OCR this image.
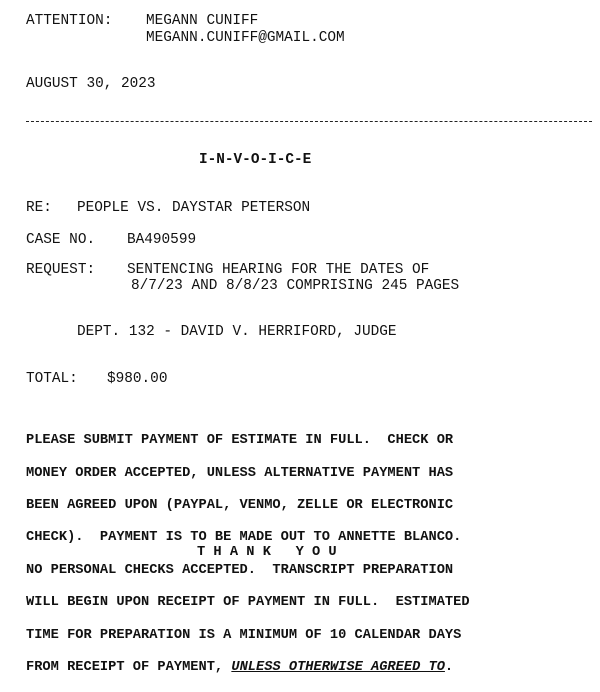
ATTENTION: MEGANN CUNIFF
MEGANN.CUNIFF@GMAIL.COM
AUGUST 30, 2023
I-N-V-O-I-C-E
RE: PEOPLE VS. DAYSTAR PETERSON
CASE NO. BA490599
REQUEST: SENTENCING HEARING FOR THE DATES OF
8/7/23 AND 8/8/23 COMPRISING 245 PAGES
DEPT. 132 - DAVID V. HERRIFORD, JUDGE
TOTAL: $980.00

PLEASE SUBMIT PAYMENT OF ESTIMATE IN FULL.  CHECK OR

MONEY ORDER ACCEPTED, UNLESS ALTERNATIVE PAYMENT HAS

BEEN AGREED UPON (PAYPAL, VENMO, ZELLE OR ELECTRONIC

CHECK).  PAYMENT IS TO BE MADE OUT TO ANNETTE BLANCO.

NO PERSONAL CHECKS ACCEPTED.  TRANSCRIPT PREPARATION

WILL BEGIN UPON RECEIPT OF PAYMENT IN FULL.  ESTIMATED

TIME FOR PREPARATION IS A MINIMUM OF 10 CALENDAR DAYS

FROM RECEIPT OF PAYMENT, UNLESS OTHERWISE AGREED TO.

T H A N K   Y O U
